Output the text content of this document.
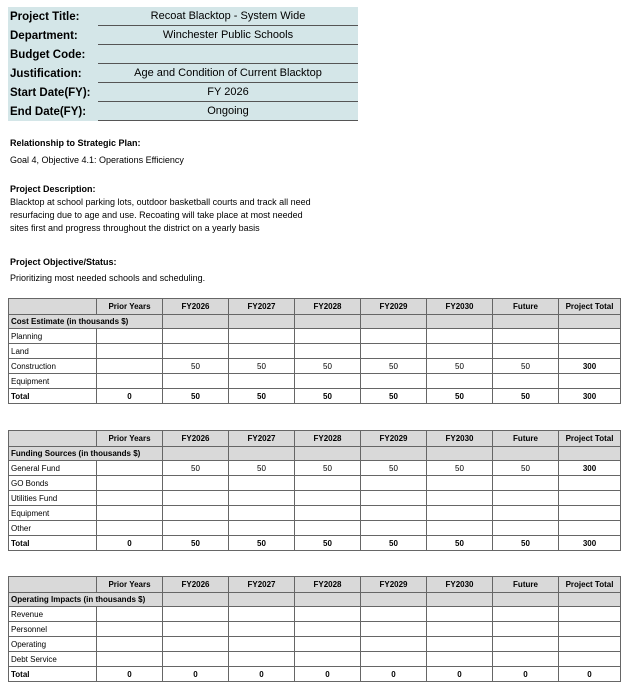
Project Title:	Recoat Blacktop - System Wide
Department:	Winchester Public Schools
Budget Code:
Justification:	Age and Condition of Current Blacktop
Start Date(FY):	FY 2026
End Date(FY):	Ongoing
Relationship to Strategic Plan:
Goal 4, Objective 4.1: Operations Efficiency
Project Description:
Blacktop at school parking lots, outdoor basketball courts and track all need
resurfacing due to age and use. Recoating will take place at most needed
sites first and progress throughout the district on a yearly basis
Project Objective/Status:
Prioritizing most needed schools and scheduling.
	Prior Years	FY2026	FY2027	FY2028	FY2029	FY2030	Future	Project Total
Cost Estimate (in thousands $)								
Planning								
Land								
Construction		50	50	50	50	50	50	300
Equipment								
Total	0	50	50	50	50	50	50	300
	Prior Years	FY2026	FY2027	FY2028	FY2029	FY2030	Future	Project Total
Funding Sources (in thousands $)								
General Fund		50	50	50	50	50	50	300
GO Bonds								
Utilities Fund								
Equipment								
Other								
Total	0	50	50	50	50	50	50	300
	Prior Years	FY2026	FY2027	FY2028	FY2029	FY2030	Future	Project Total
Operating Impacts (in thousands $)								
Revenue								
Personnel								
Operating								
Debt Service								
Total	0	0	0	0	0	0	0	0
